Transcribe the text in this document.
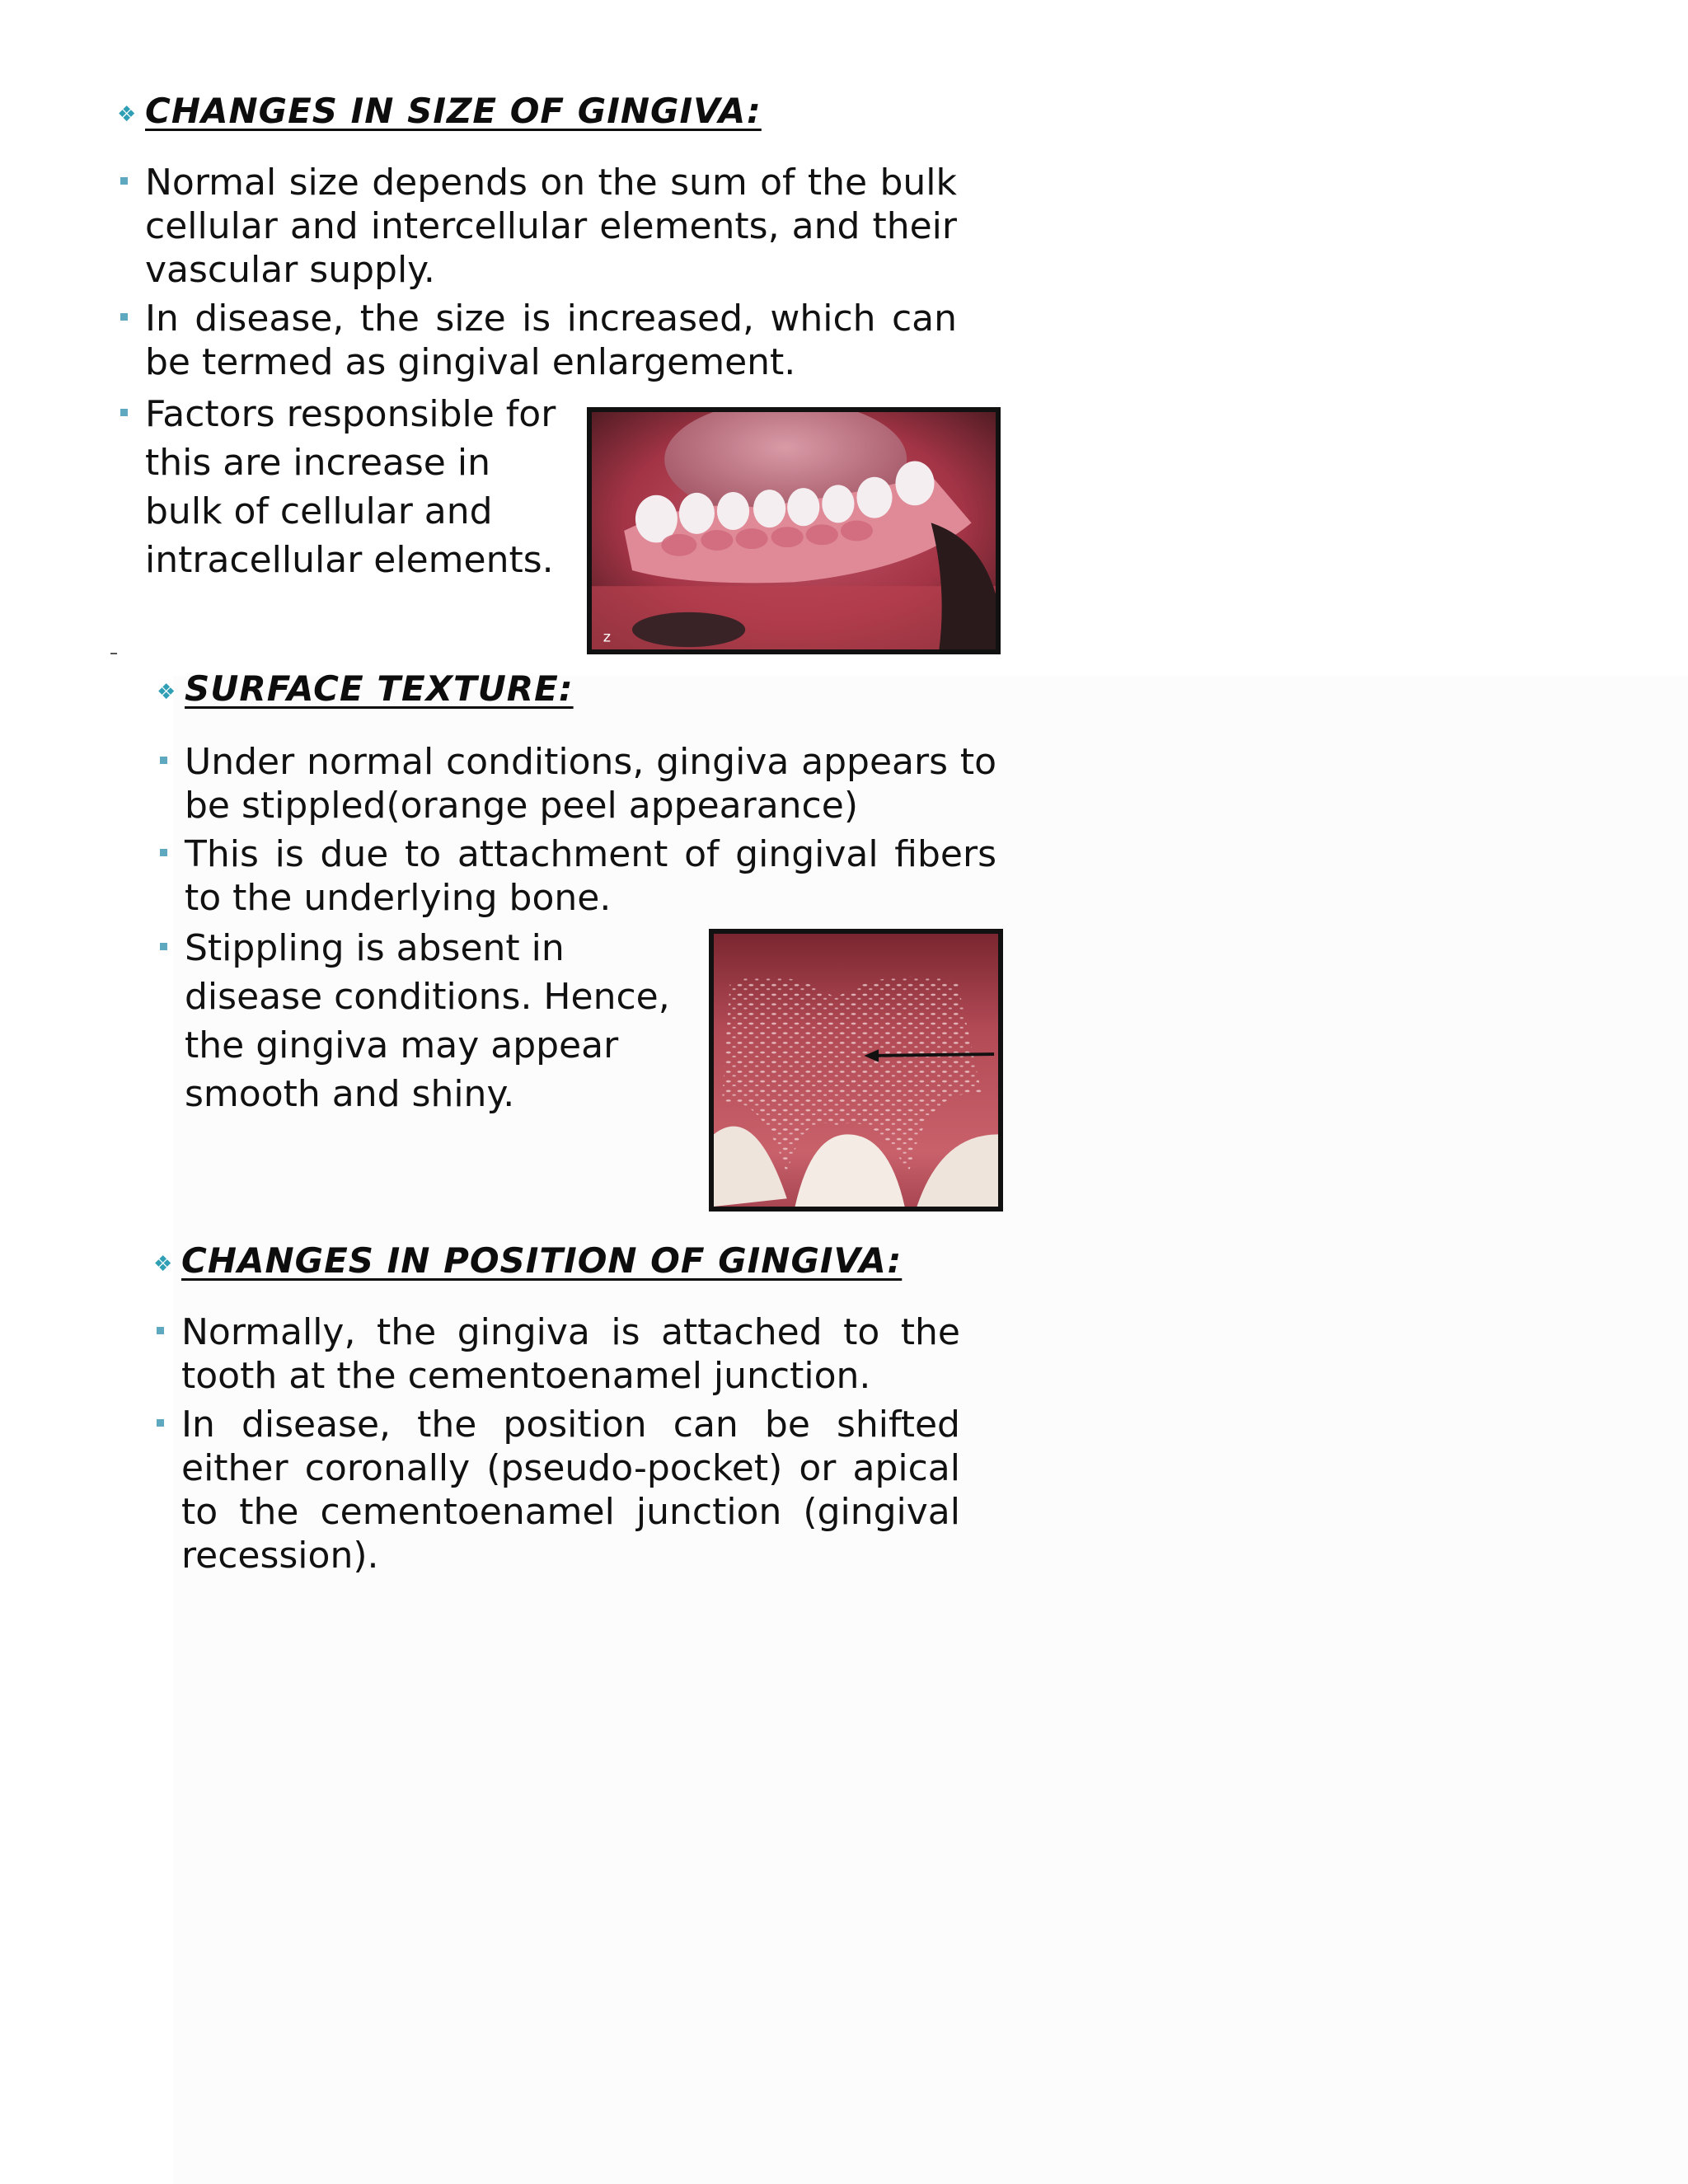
❖ CHANGES IN SIZE OF GINGIVA:
Normal size depends on the sum of the bulk cellular and intercellular elements, and their vascular supply.
In disease, the size is increased, which can be termed as gingival enlargement.
Factors responsible for this are increase in bulk of cellular and intracellular elements.
z
❖ SURFACE TEXTURE:
Under normal conditions, gingiva appears to be stippled(orange peel appearance)
This is due to attachment of gingival fibers to the underlying bone.
Stippling is absent in disease conditions. Hence, the gingiva may appear smooth and shiny.
❖ CHANGES IN POSITION OF GINGIVA:
Normally, the gingiva is attached to the tooth at the cementoenamel junction.
In disease, the position can be shifted either coronally (pseudo-pocket) or apical to the cementoenamel junction (gingival recession).
